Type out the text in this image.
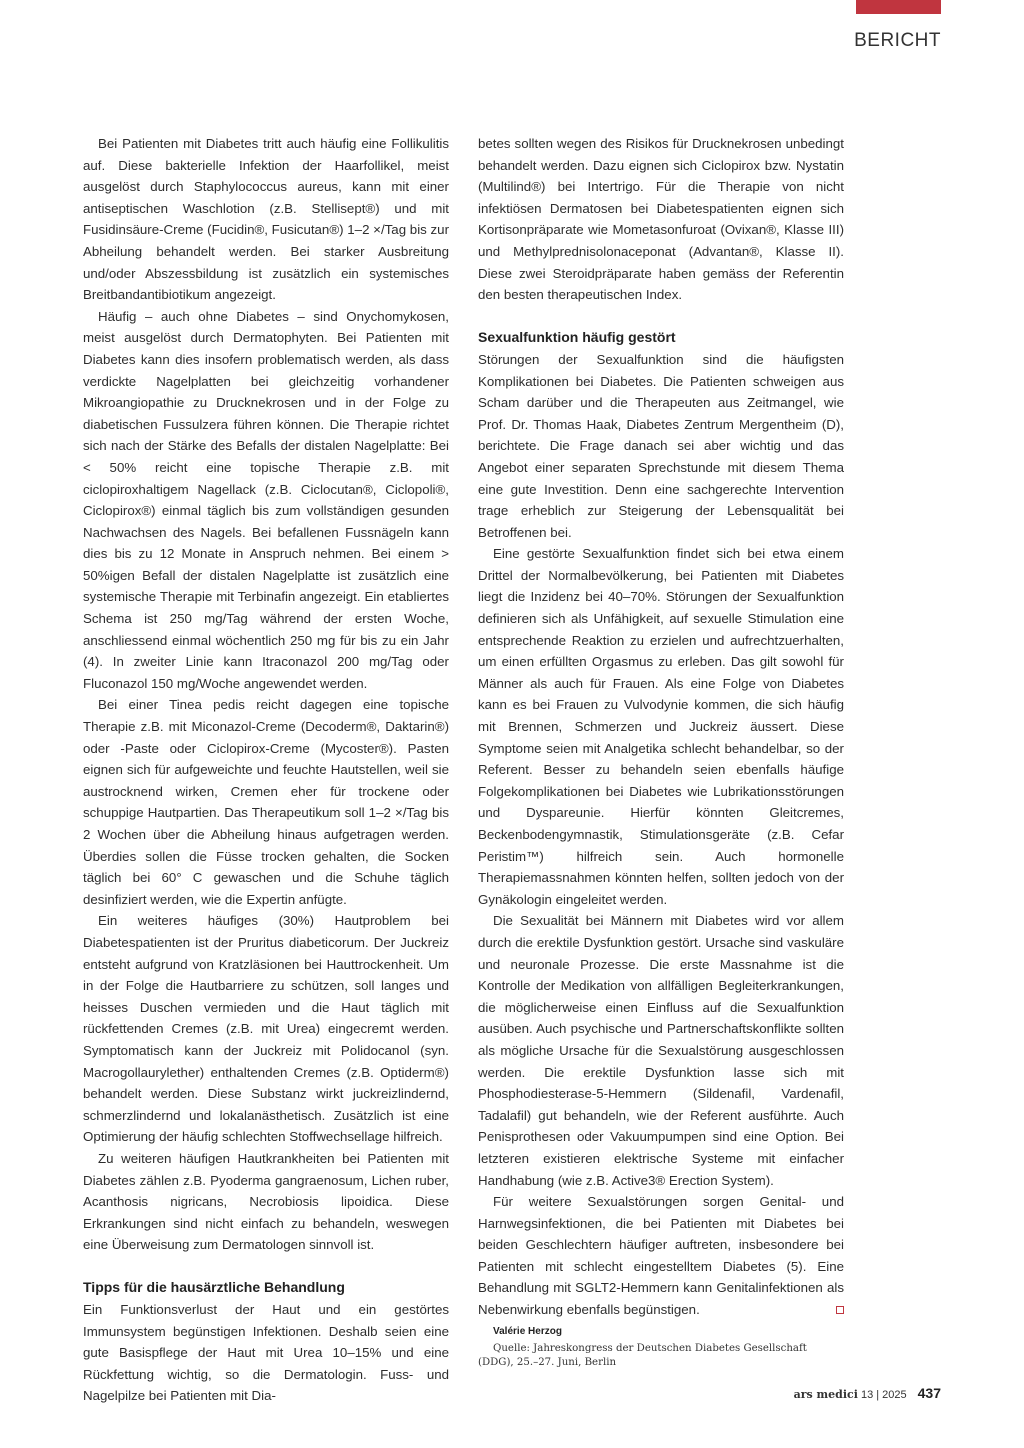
BERICHT

Bei Patienten mit Diabetes tritt auch häufig eine Follikulitis auf. Diese bakterielle Infektion der Haarfollikel, meist ausgelöst durch Staphylococcus aureus, kann mit einer antiseptischen Waschlotion (z.B. Stellisept®) und mit Fusidinsäure-Creme (Fucidin®, Fusicutan®) 1–2 ×/Tag bis zur Abheilung behandelt werden. Bei starker Ausbreitung und/oder Abszessbildung ist zusätzlich ein systemisches Breitbandantibiotikum angezeigt.

Häufig – auch ohne Diabetes – sind Onychomykosen, meist ausgelöst durch Dermatophyten. Bei Patienten mit Diabetes kann dies insofern problematisch werden, als dass verdickte Nagelplatten bei gleichzeitig vorhandener Mikroangiopathie zu Drucknekrosen und in der Folge zu diabetischen Fussulzera führen können. Die Therapie richtet sich nach der Stärke des Befalls der distalen Nagelplatte: Bei < 50% reicht eine topische Therapie z.B. mit ciclopiroxhaltigem Nagellack (z.B. Ciclocutan®, Ciclopoli®, Ciclopirox®) einmal täglich bis zum vollständigen gesunden Nachwachsen des Nagels. Bei befallenen Fussnägeln kann dies bis zu 12 Monate in Anspruch nehmen. Bei einem > 50%igen Befall der distalen Nagelplatte ist zusätzlich eine systemische Therapie mit Terbinafin angezeigt. Ein etabliertes Schema ist 250 mg/Tag während der ersten Woche, anschliessend einmal wöchentlich 250 mg für bis zu ein Jahr (4). In zweiter Linie kann Itraconazol 200 mg/Tag oder Fluconazol 150 mg/Woche angewendet werden.

Bei einer Tinea pedis reicht dagegen eine topische Therapie z.B. mit Miconazol-Creme (Decoderm®, Daktarin®) oder -Paste oder Ciclopirox-Creme (Mycoster®). Pasten eignen sich für aufgeweichte und feuchte Hautstellen, weil sie austrocknend wirken, Cremen eher für trockene oder schuppige Hautpartien. Das Therapeutikum soll 1–2 ×/Tag bis 2 Wochen über die Abheilung hinaus aufgetragen werden. Überdies sollen die Füsse trocken gehalten, die Socken täglich bei 60° C gewaschen und die Schuhe täglich desinfiziert werden, wie die Expertin anfügte.

Ein weiteres häufiges (30%) Hautproblem bei Diabetespatienten ist der Pruritus diabeticorum. Der Juckreiz entsteht aufgrund von Kratzläsionen bei Hauttrockenheit. Um in der Folge die Hautbarriere zu schützen, soll langes und heisses Duschen vermieden und die Haut täglich mit rückfettenden Cremes (z.B. mit Urea) eingecremt werden. Symptomatisch kann der Juckreiz mit Polidocanol (syn. Macrogollaurylether) enthaltenden Cremes (z.B. Optiderm®) behandelt werden. Diese Substanz wirkt juckreizlindernd, schmerzlindernd und lokalanästhetisch. Zusätzlich ist eine Optimierung der häufig schlechten Stoffwechsellage hilfreich.

Zu weiteren häufigen Hautkrankheiten bei Patienten mit Diabetes zählen z.B. Pyoderma gangraenosum, Lichen ruber, Acanthosis nigricans, Necrobiosis lipoidica. Diese Erkrankungen sind nicht einfach zu behandeln, weswegen eine Überweisung zum Dermatologen sinnvoll ist.

Tipps für die hausärztliche Behandlung

Ein Funktionsverlust der Haut und ein gestörtes Immunsystem begünstigen Infektionen. Deshalb seien eine gute Basispflege der Haut mit Urea 10–15% und eine Rückfettung wichtig, so die Dermatologin. Fuss- und Nagelpilze bei Patienten mit Dia-

betes sollten wegen des Risikos für Drucknekrosen unbedingt behandelt werden. Dazu eignen sich Ciclopirox bzw. Nystatin (Multilind®) bei Intertrigo. Für die Therapie von nicht infektiösen Dermatosen bei Diabetespatienten eignen sich Kortisonpräparate wie Mometasonfuroat (Ovixan®, Klasse III) und Methylprednisolonaceponat (Advantan®, Klasse II). Diese zwei Steroidpräparate haben gemäss der Referentin den besten therapeutischen Index.

Sexualfunktion häufig gestört

Störungen der Sexualfunktion sind die häufigsten Komplikationen bei Diabetes. Die Patienten schweigen aus Scham darüber und die Therapeuten aus Zeitmangel, wie Prof. Dr. Thomas Haak, Diabetes Zentrum Mergentheim (D), berichtete. Die Frage danach sei aber wichtig und das Angebot einer separaten Sprechstunde mit diesem Thema eine gute Investition. Denn eine sachgerechte Intervention trage erheblich zur Steigerung der Lebensqualität bei Betroffenen bei.

Eine gestörte Sexualfunktion findet sich bei etwa einem Drittel der Normalbevölkerung, bei Patienten mit Diabetes liegt die Inzidenz bei 40–70%. Störungen der Sexualfunktion definieren sich als Unfähigkeit, auf sexuelle Stimulation eine entsprechende Reaktion zu erzielen und aufrechtzuerhalten, um einen erfüllten Orgasmus zu erleben. Das gilt sowohl für Männer als auch für Frauen. Als eine Folge von Diabetes kann es bei Frauen zu Vulvodynie kommen, die sich häufig mit Brennen, Schmerzen und Juckreiz äussert. Diese Symptome seien mit Analgetika schlecht behandelbar, so der Referent. Besser zu behandeln seien ebenfalls häufige Folgekomplikationen bei Diabetes wie Lubrikationsstörungen und Dyspareunie. Hierfür könnten Gleitcremes, Beckenbodengymnastik, Stimulationsgeräte (z.B. Cefar Peristim™) hilfreich sein. Auch hormonelle Therapiemassnahmen könnten helfen, sollten jedoch von der Gynäkologin eingeleitet werden.

Die Sexualität bei Männern mit Diabetes wird vor allem durch die erektile Dysfunktion gestört. Ursache sind vaskuläre und neuronale Prozesse. Die erste Massnahme ist die Kontrolle der Medikation von allfälligen Begleiterkrankungen, die möglicherweise einen Einfluss auf die Sexualfunktion ausüben. Auch psychische und Partnerschaftskonflikte sollten als mögliche Ursache für die Sexualstörung ausgeschlossen werden. Die erektile Dysfunktion lasse sich mit Phosphodiesterase-5-Hemmern (Sildenafil, Vardenafil, Tadalafil) gut behandeln, wie der Referent ausführte. Auch Penisprothesen oder Vakuumpumpen sind eine Option. Bei letzteren existieren elektrische Systeme mit einfacher Handhabung (wie z.B. Active3® Erection System).

Für weitere Sexualstörungen sorgen Genital- und Harnwegsinfektionen, die bei Patienten mit Diabetes bei beiden Geschlechtern häufiger auftreten, insbesondere bei Patienten mit schlecht eingestelltem Diabetes (5). Eine Behandlung mit SGLT2-Hemmern kann Genitalinfektionen als Nebenwirkung ebenfalls begünstigen.

Valérie Herzog

Quelle: Jahreskongress der Deutschen Diabetes Gesellschaft (DDG), 25.–27. Juni, Berlin

ars medici 13 | 2025 437
